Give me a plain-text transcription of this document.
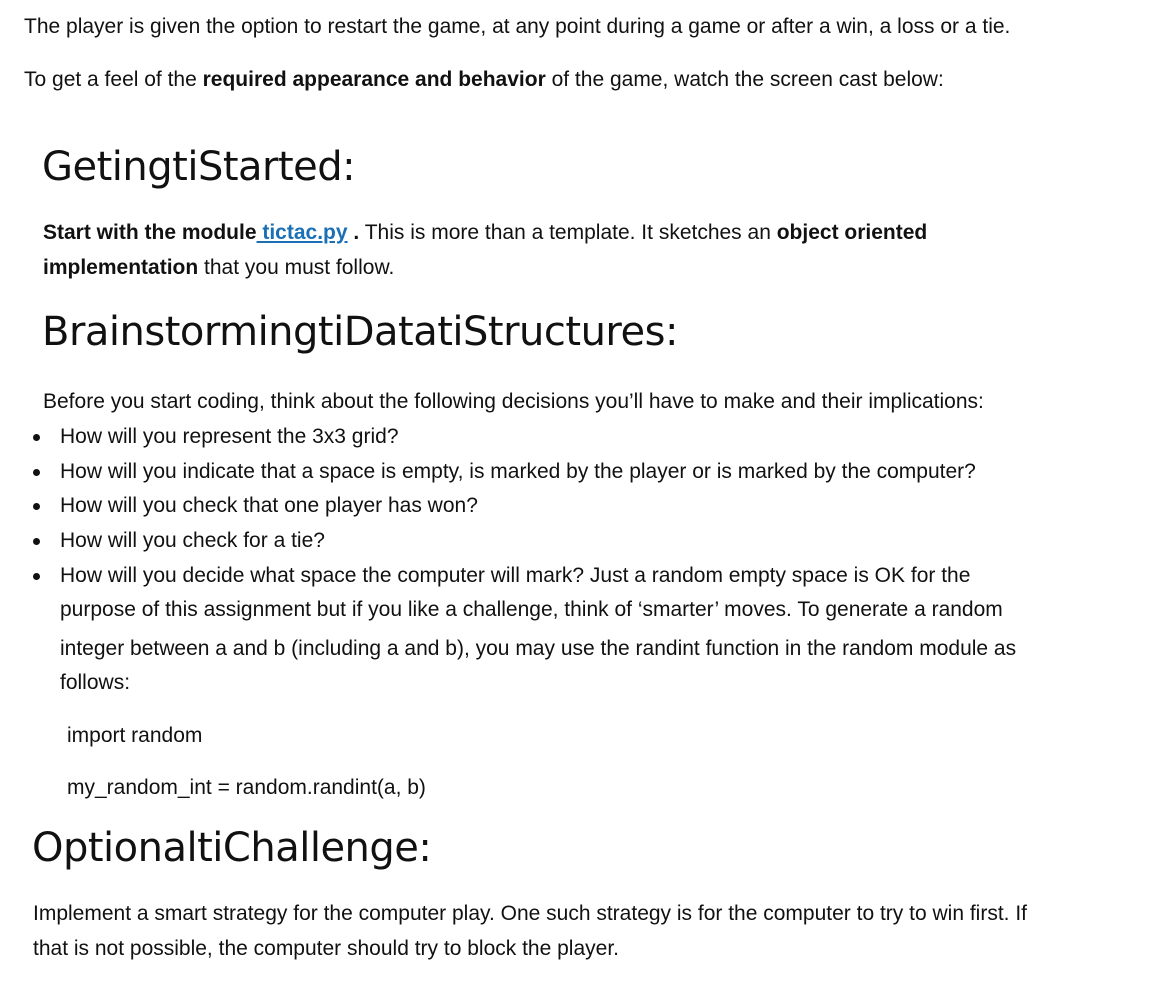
The player is given the option to restart the game, at any point during a game or after a win, a loss or a tie.

To get a feel of the required appearance and behavior of the game, watch the screen cast below:

GetingtiStarted:

Start with the module tictac.py . This is more than a template. It sketches an object oriented

implementation that you must follow.

BrainstormingtiDatatiStructures:

Before you start coding, think about the following decisions you’ll have to make and their implications:

How will you represent the 3x3 grid?
How will you indicate that a space is empty, is marked by the player or is marked by the computer?
How will you check that one player has won?
How will you check for a tie?
How will you decide what space the computer will mark? Just a random empty space is OK for the

purpose of this assignment but if you like a challenge, think of ‘smarter’ moves. To generate a random

integer between a and b (including a and b), you may use the randint function in the random module as

follows:

import random

my_random_int = random.randint(a, b)

OptionaltiChallenge:

Implement a smart strategy for the computer play. One such strategy is for the computer to try to win first. If

that is not possible, the computer should try to block the player.
